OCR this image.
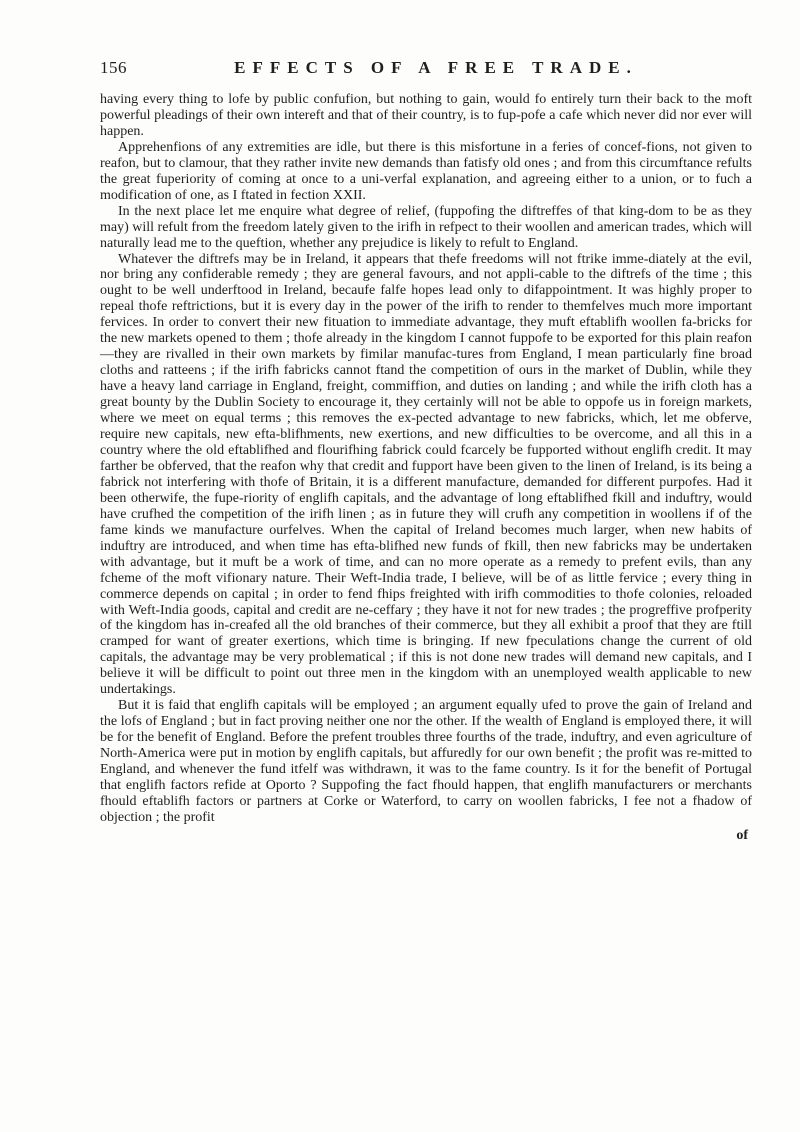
156	EFFECTS OF A FREE TRADE.

having every thing to lofe by public confufion, but nothing to gain, would fo entirely turn their back to the moft powerful pleadings of their own intereft and that of their country, is to fup-pofe a cafe which never did nor ever will happen.

Apprehenfions of any extremities are idle, but there is this misfortune in a feries of concef-fions, not given to reafon, but to clamour, that they rather invite new demands than fatisfy old ones ; and from this circumftance refults the great fuperiority of coming at once to a uni-verfal explanation, and agreeing either to a union, or to fuch a modification of one, as I ftated in fection XXII.

In the next place let me enquire what degree of relief, (fuppofing the diftreffes of that king-dom to be as they may) will refult from the freedom lately given to the irifh in refpect to their woollen and american trades, which will naturally lead me to the queftion, whether any prejudice is likely to refult to England.

Whatever the diftrefs may be in Ireland, it appears that thefe freedoms will not ftrike imme-diately at the evil, nor bring any confiderable remedy ; they are general favours, and not appli-cable to the diftrefs of the time ; this ought to be well underftood in Ireland, becaufe falfe hopes lead only to difappointment. It was highly proper to repeal thofe reftrictions, but it is every day in the power of the irifh to render to themfelves much more important fervices. In order to convert their new fituation to immediate advantage, they muft eftablifh woollen fa-bricks for the new markets opened to them ; thofe already in the kingdom I cannot fuppofe to be exported for this plain reafon—they are rivalled in their own markets by fimilar manufac-tures from England, I mean particularly fine broad cloths and ratteens ; if the irifh fabricks cannot ftand the competition of ours in the market of Dublin, while they have a heavy land carriage in England, freight, commiffion, and duties on landing ; and while the irifh cloth has a great bounty by the Dublin Society to encourage it, they certainly will not be able to oppofe us in foreign markets, where we meet on equal terms ; this removes the ex-pected advantage to new fabricks, which, let me obferve, require new capitals, new efta-blifhments, new exertions, and new difficulties to be overcome, and all this in a country where the old eftablifhed and flourifhing fabrick could fcarcely be fupported without englifh credit. It may farther be obferved, that the reafon why that credit and fupport have been given to the linen of Ireland, is its being a fabrick not interfering with thofe of Britain, it is a different manufacture, demanded for different purpofes. Had it been otherwife, the fupe-riority of englifh capitals, and the advantage of long eftablifhed fkill and induftry, would have crufhed the competition of the irifh linen ; as in future they will crufh any competition in woollens if of the fame kinds we manufacture ourfelves. When the capital of Ireland becomes much larger, when new habits of induftry are introduced, and when time has efta-blifhed new funds of fkill, then new fabricks may be undertaken with advantage, but it muft be a work of time, and can no more operate as a remedy to prefent evils, than any fcheme of the moft vifionary nature. Their Weft-India trade, I believe, will be of as little fervice ; every thing in commerce depends on capital ; in order to fend fhips freighted with irifh commodities to thofe colonies, reloaded with Weft-India goods, capital and credit are ne-ceffary ; they have it not for new trades ; the progreffive profperity of the kingdom has in-creafed all the old branches of their commerce, but they all exhibit a proof that they are ftill cramped for want of greater exertions, which time is bringing. If new fpeculations change the current of old capitals, the advantage may be very problematical ; if this is not done new trades will demand new capitals, and I believe it will be difficult to point out three men in the kingdom with an unemployed wealth applicable to new undertakings.

But it is faid that englifh capitals will be employed ; an argument equally ufed to prove the gain of Ireland and the lofs of England ; but in fact proving neither one nor the other. If the wealth of England is employed there, it will be for the benefit of England. Before the prefent troubles three fourths of the trade, induftry, and even agriculture of North-America were put in motion by englifh capitals, but affuredly for our own benefit ; the profit was re-mitted to England, and whenever the fund itfelf was withdrawn, it was to the fame country. Is it for the benefit of Portugal that englifh factors refide at Oporto ? Suppofing the fact fhould happen, that englifh manufacturers or merchants fhould eftablifh factors or partners at Corke or Waterford, to carry on woollen fabricks, I fee not a fhadow of objection ; the profit

of
